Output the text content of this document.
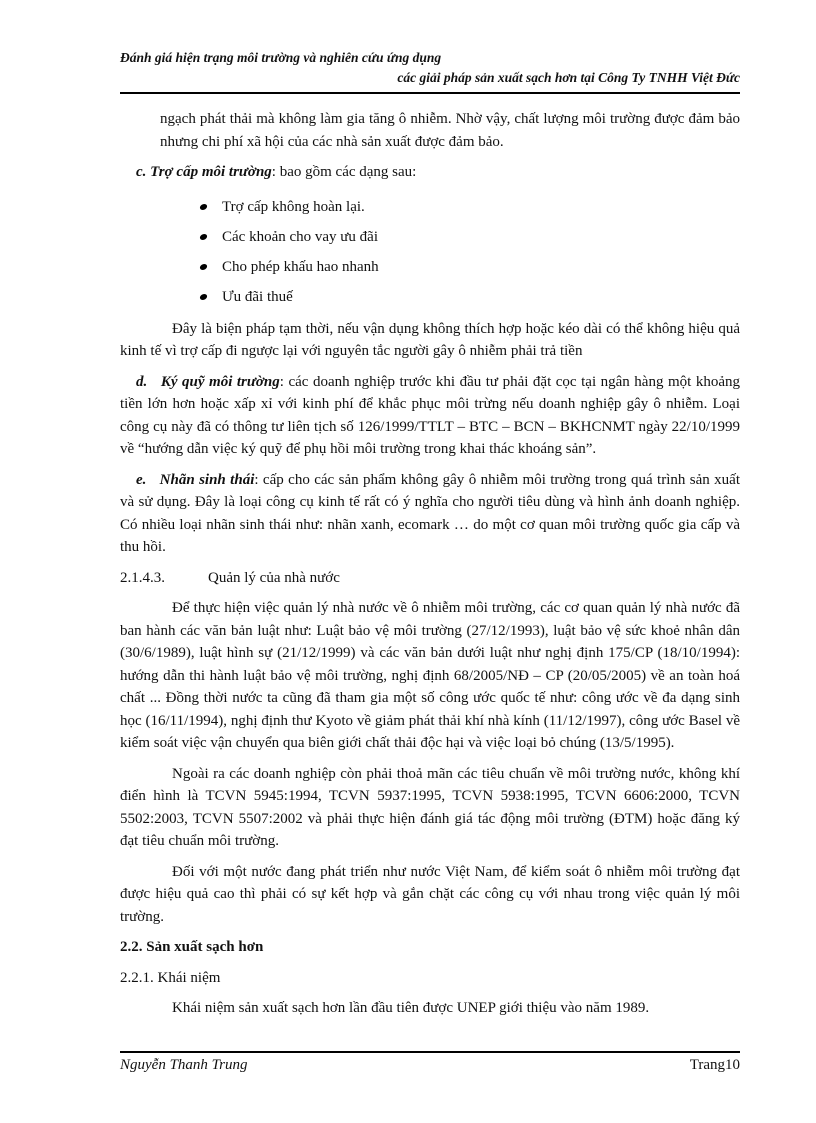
Đánh giá hiện trạng môi trường và nghiên cứu ứng dụng
các giải pháp sản xuất sạch hơn tại Công Ty TNHH Việt Đức

ngạch phát thải mà không làm gia tăng ô nhiễm. Nhờ vậy, chất lượng môi trường được đảm bảo nhưng chi phí xã hội của các nhà sản xuất được đảm bảo.

c. Trợ cấp môi trường: bao gồm các dạng sau:

Trợ cấp không hoàn lại.
Các khoản cho vay ưu đãi
Cho phép khấu hao nhanh
Ưu đãi thuế

Đây là biện pháp tạm thời, nếu vận dụng không thích hợp hoặc kéo dài có thể không hiệu quả kinh tế vì trợ cấp đi ngược lại với nguyên tắc người gây ô nhiễm phải trả tiền

d. Ký quỹ môi trường: các doanh nghiệp trước khi đầu tư phải đặt cọc tại ngân hàng một khoảng tiền lớn hơn hoặc xấp xỉ với kinh phí để khắc phục môi trừng nếu doanh nghiệp gây ô nhiễm. Loại công cụ này đã có thông tư liên tịch số 126/1999/TTLT – BTC – BCN – BKHCNMT ngày 22/10/1999 về “hướng dẫn việc ký quỹ để phụ hồi môi trường trong khai thác khoáng sản”.

e. Nhãn sinh thái: cấp cho các sản phẩm không gây ô nhiễm môi trường trong quá trình sản xuất và sử dụng. Đây là loại công cụ kinh tế rất có ý nghĩa cho người tiêu dùng và hình ảnh doanh nghiệp. Có nhiều loại nhãn sinh thái như: nhãn xanh, ecomark … do một cơ quan môi trường quốc gia cấp và thu hồi.

2.1.4.3.	Quản lý của nhà nước

Để thực hiện việc quản lý nhà nước về ô nhiễm môi trường, các cơ quan quản lý nhà nước đã ban hành các văn bản luật như: Luật bảo vệ môi trường (27/12/1993), luật bảo vệ sức khoẻ nhân dân (30/6/1989), luật hình sự (21/12/1999) và các văn bản dưới luật như nghị định 175/CP (18/10/1994): hướng dẫn thi hành luật bảo vệ môi trường, nghị định 68/2005/NĐ – CP (20/05/2005) về an toàn hoá chất ... Đồng thời nước ta cũng đã tham gia một số công ước quốc tế như: công ước về đa dạng sinh học (16/11/1994), nghị định thư Kyoto về giảm phát thải khí nhà kính (11/12/1997), công ước Basel về kiểm soát việc vận chuyển qua biên giới chất thải độc hại và việc loại bỏ chúng (13/5/1995).

Ngoài ra các doanh nghiệp còn phải thoả mãn các tiêu chuẩn về môi trường nước, không khí điển hình là TCVN 5945:1994, TCVN 5937:1995, TCVN 5938:1995, TCVN 6606:2000, TCVN 5502:2003, TCVN 5507:2002 và phải thực hiện đánh giá tác động môi trường (ĐTM) hoặc đăng ký đạt tiêu chuẩn môi trường.

Đối với một nước đang phát triển như nước Việt Nam, để kiểm soát ô nhiễm môi trường đạt được hiệu quả cao thì phải có sự kết hợp và gắn chặt các công cụ với nhau trong việc quản lý môi trường.

2.2. Sản xuất sạch hơn

2.2.1. Khái niệm

Khái niệm sản xuất sạch hơn lần đầu tiên được UNEP giới thiệu vào năm 1989.

Nguyễn Thanh Trung	Trang10
